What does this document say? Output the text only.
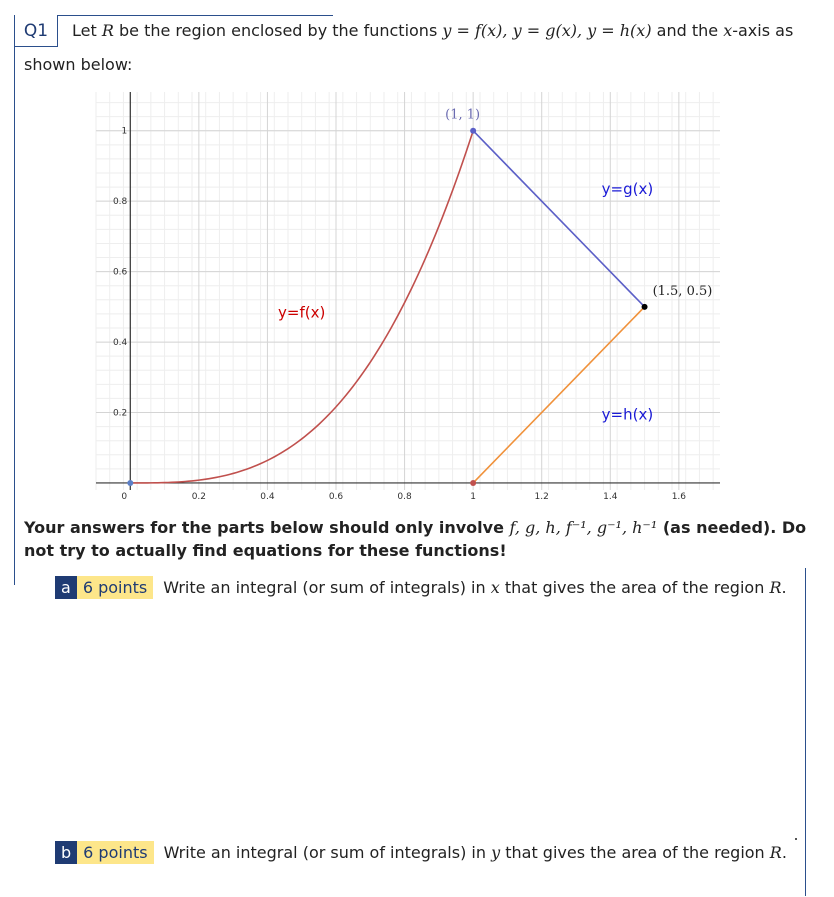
Q1	Let R be the region enclosed by the functions y = f(x), y = g(x), y = h(x) and the x-axis as
shown below:
0	0.2	0.4	0.6	0.8	1	1.2	1.4	1.6
0.2
0.4
0.6
0.8
1
y=f(x)
y=g(x)
y=h(x)
(1, 1)
(1.5, 0.5)
Your answers for the parts below should only involve f, g, h, f⁻¹, g⁻¹, h⁻¹ (as needed). Do not try to actually find equations for these functions!
a 6 points	Write an integral (or sum of integrals) in
x
that gives the area of the region
R .
b 6 points	Write an integral (or sum of integrals) in
y
that gives the area of the region
R .
